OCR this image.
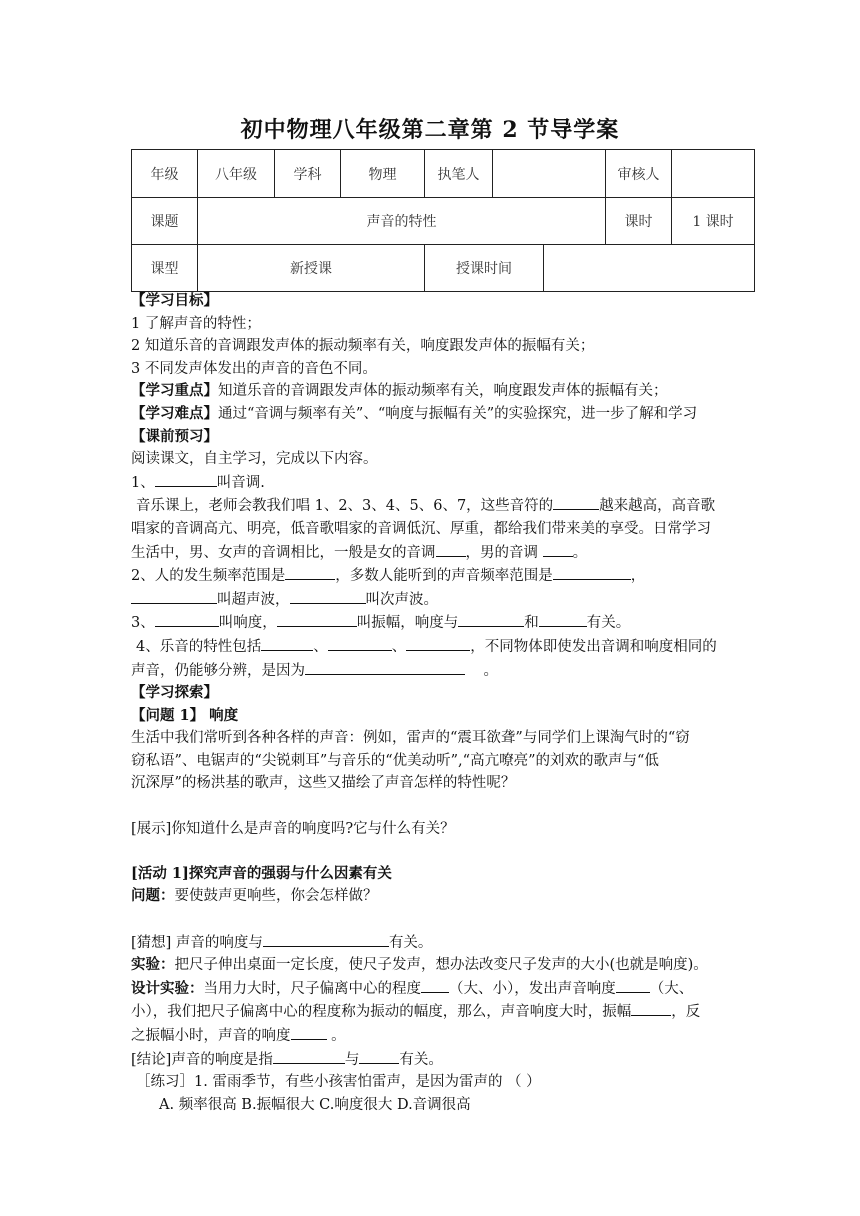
初中物理八年级第二章第 2 节导学案
年级	八年级	学科	物理	执笔人			审核人	
课题	声音的特性						课时	1 课时
课型	新授课			授课时间				

【学习目标】

1 了解声音的特性；

2 知道乐音的音调跟发声体的振动频率有关，响度跟发声体的振幅有关；

3 不同发声体发出的声音的音色不同。

【学习重点】知道乐音的音调跟发声体的振动频率有关，响度跟发声体的振幅有关；

【学习难点】通过“音调与频率有关”、“响度与振幅有关”的实验探究，进一步了解和学习

【课前预习】

阅读课文，自主学习，完成以下内容。

1、	叫音调.

音乐课上，老师会教我们唱 1、2、3、4、5、6、7，这些音符的	越来越高，高音歌

唱家的音调高亢、明亮，低音歌唱家的音调低沉、厚重，都给我们带来美的享受。日常学习

生活中，男、女声的音调相比，一般是女的音调 ，男的音调 。

2、人的发生频率范围是	，多数人能听到的声音频率范围是	，

叫超声波，	叫次声波。

3、	叫响度，	叫振幅，响度与	和	有关。

4、乐音的特性包括	、	、	，不同物体即使发出音调和响度相同的

声音，仍能够分辨，是因为	。

【学习探索】

【问题 1】 响度

生活中我们常听到各种各样的声音：例如，雷声的“震耳欲聋”与同学们上课淘气时的“窃

窃私语”、电锯声的“尖锐刺耳”与音乐的“优美动听”,“高亢嘹亮”的刘欢的歌声与“低

沉深厚”的杨洪基的歌声，这些又描绘了声音怎样的特性呢？

[展示]你知道什么是声音的响度吗?它与什么有关？

[活动 1]探究声音的强弱与什么因素有关

问题：要使鼓声更响些，你会怎样做？

[猜想] 声音的响度与	有关。

实验：把尺子伸出桌面一定长度，使尺子发声，想办法改变尺子发声的大小(也就是响度)。

设计实验：当用力大时，尺子偏离中心的程度 （大、小），发出声音响度 （大、

小），我们把尺子偏离中心的程度称为振动的幅度，那么，声音响度大时，振幅	，反

之振幅小时，声音的响度 。

[结论]声音的响度是指	与	有关。

［练习］1. 雷雨季节，有些小孩害怕雷声，是因为雷声的 （ ）

A. 频率很高 B.振幅很大 C.响度很大 D.音调很高
